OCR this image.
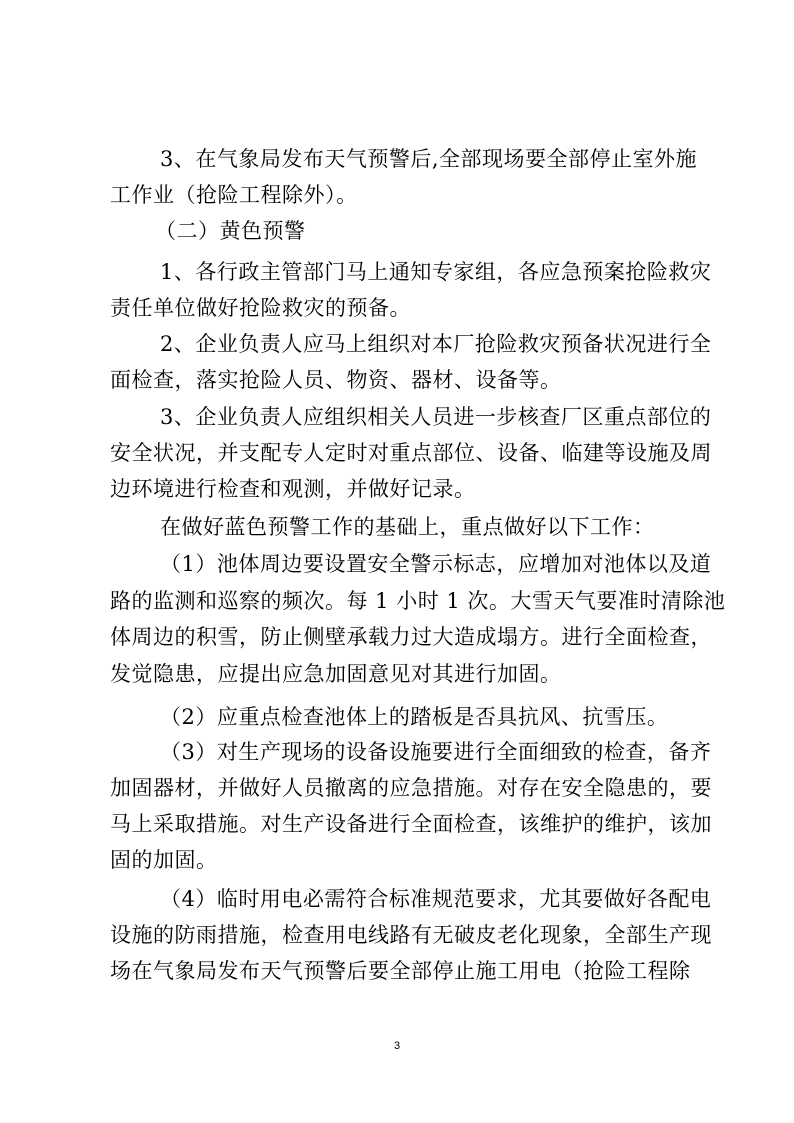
3、在气象局发布天气预警后,全部现场要全部停止室外施
工作业（抢险工程除外）。
（二）黄色预警
1、各行政主管部门马上通知专家组，各应急预案抢险救灾
责任单位做好抢险救灾的预备。
2、企业负责人应马上组织对本厂抢险救灾预备状况进行全
面检查，落实抢险人员、物资、器材、设备等。
3、企业负责人应组织相关人员进一步核查厂区重点部位的
安全状况，并支配专人定时对重点部位、设备、临建等设施及周
边环境进行检查和观测，并做好记录。
在做好蓝色预警工作的基础上，重点做好以下工作：
（1）池体周边要设置安全警示标志，应增加对池体以及道
路的监测和巡察的频次。每 1 小时 1 次。大雪天气要准时清除池
体周边的积雪，防止侧壁承载力过大造成塌方。进行全面检查，
发觉隐患，应提出应急加固意见对其进行加固。
（2）应重点检查池体上的踏板是否具抗风、抗雪压。
（3）对生产现场的设备设施要进行全面细致的检查，备齐
加固器材，并做好人员撤离的应急措施。对存在安全隐患的，要
马上采取措施。对生产设备进行全面检查，该维护的维护，该加
固的加固。
（4）临时用电必需符合标准规范要求，尤其要做好各配电
设施的防雨措施，检查用电线路有无破皮老化现象，全部生产现
场在气象局发布天气预警后要全部停止施工用电（抢险工程除
3
